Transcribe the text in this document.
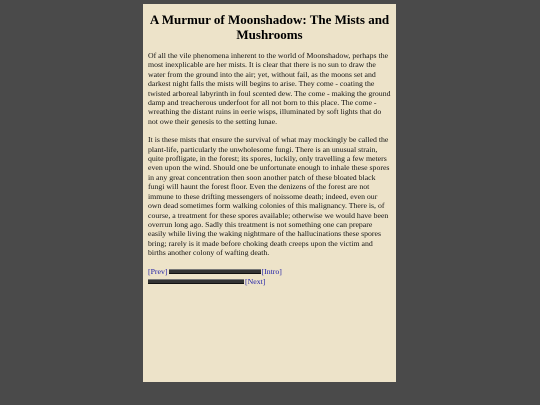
A Murmur of Moonshadow: The Mists and Mushrooms

Of all the vile phenomena inherent to the world of Moonshadow, perhaps the most inexplicable are her mists. It is clear that there is no sun to draw the water from the ground into the air; yet, without fail, as the moons set and darkest night falls the mists will begins to arise. They come - coating the twisted arboreal labyrinth in foul scented dew. The come - making the ground damp and treacherous underfoot for all not born to this place. The come - wreathing the distant ruins in eerie wisps, illuminated by soft lights that do not owe their genesis to the setting lunae.

It is these mists that ensure the survival of what may mockingly be called the plant-life, particularly the unwholesome fungi. There is an unusual strain, quite profligate, in the forest; its spores, luckily, only travelling a few meters even upon the wind. Should one be unfortunate enough to inhale these spores in any great concentration then soon another patch of these bloated black fungi will haunt the forest floor. Even the denizens of the forest are not immune to these drifting messengers of noissome death; indeed, even our own dead sometimes form walking colonies of this malignancy. There is, of course, a treatment for these spores available; otherwise we would have been overrun long ago. Sadly this treatment is not something one can prepare easily while living the waking nightmare of the hallucinations these spores bring; rarely is it made before choking death creeps upon the victim and births another colony of wafting death.

[Prev]	[Intro]
[Next]
